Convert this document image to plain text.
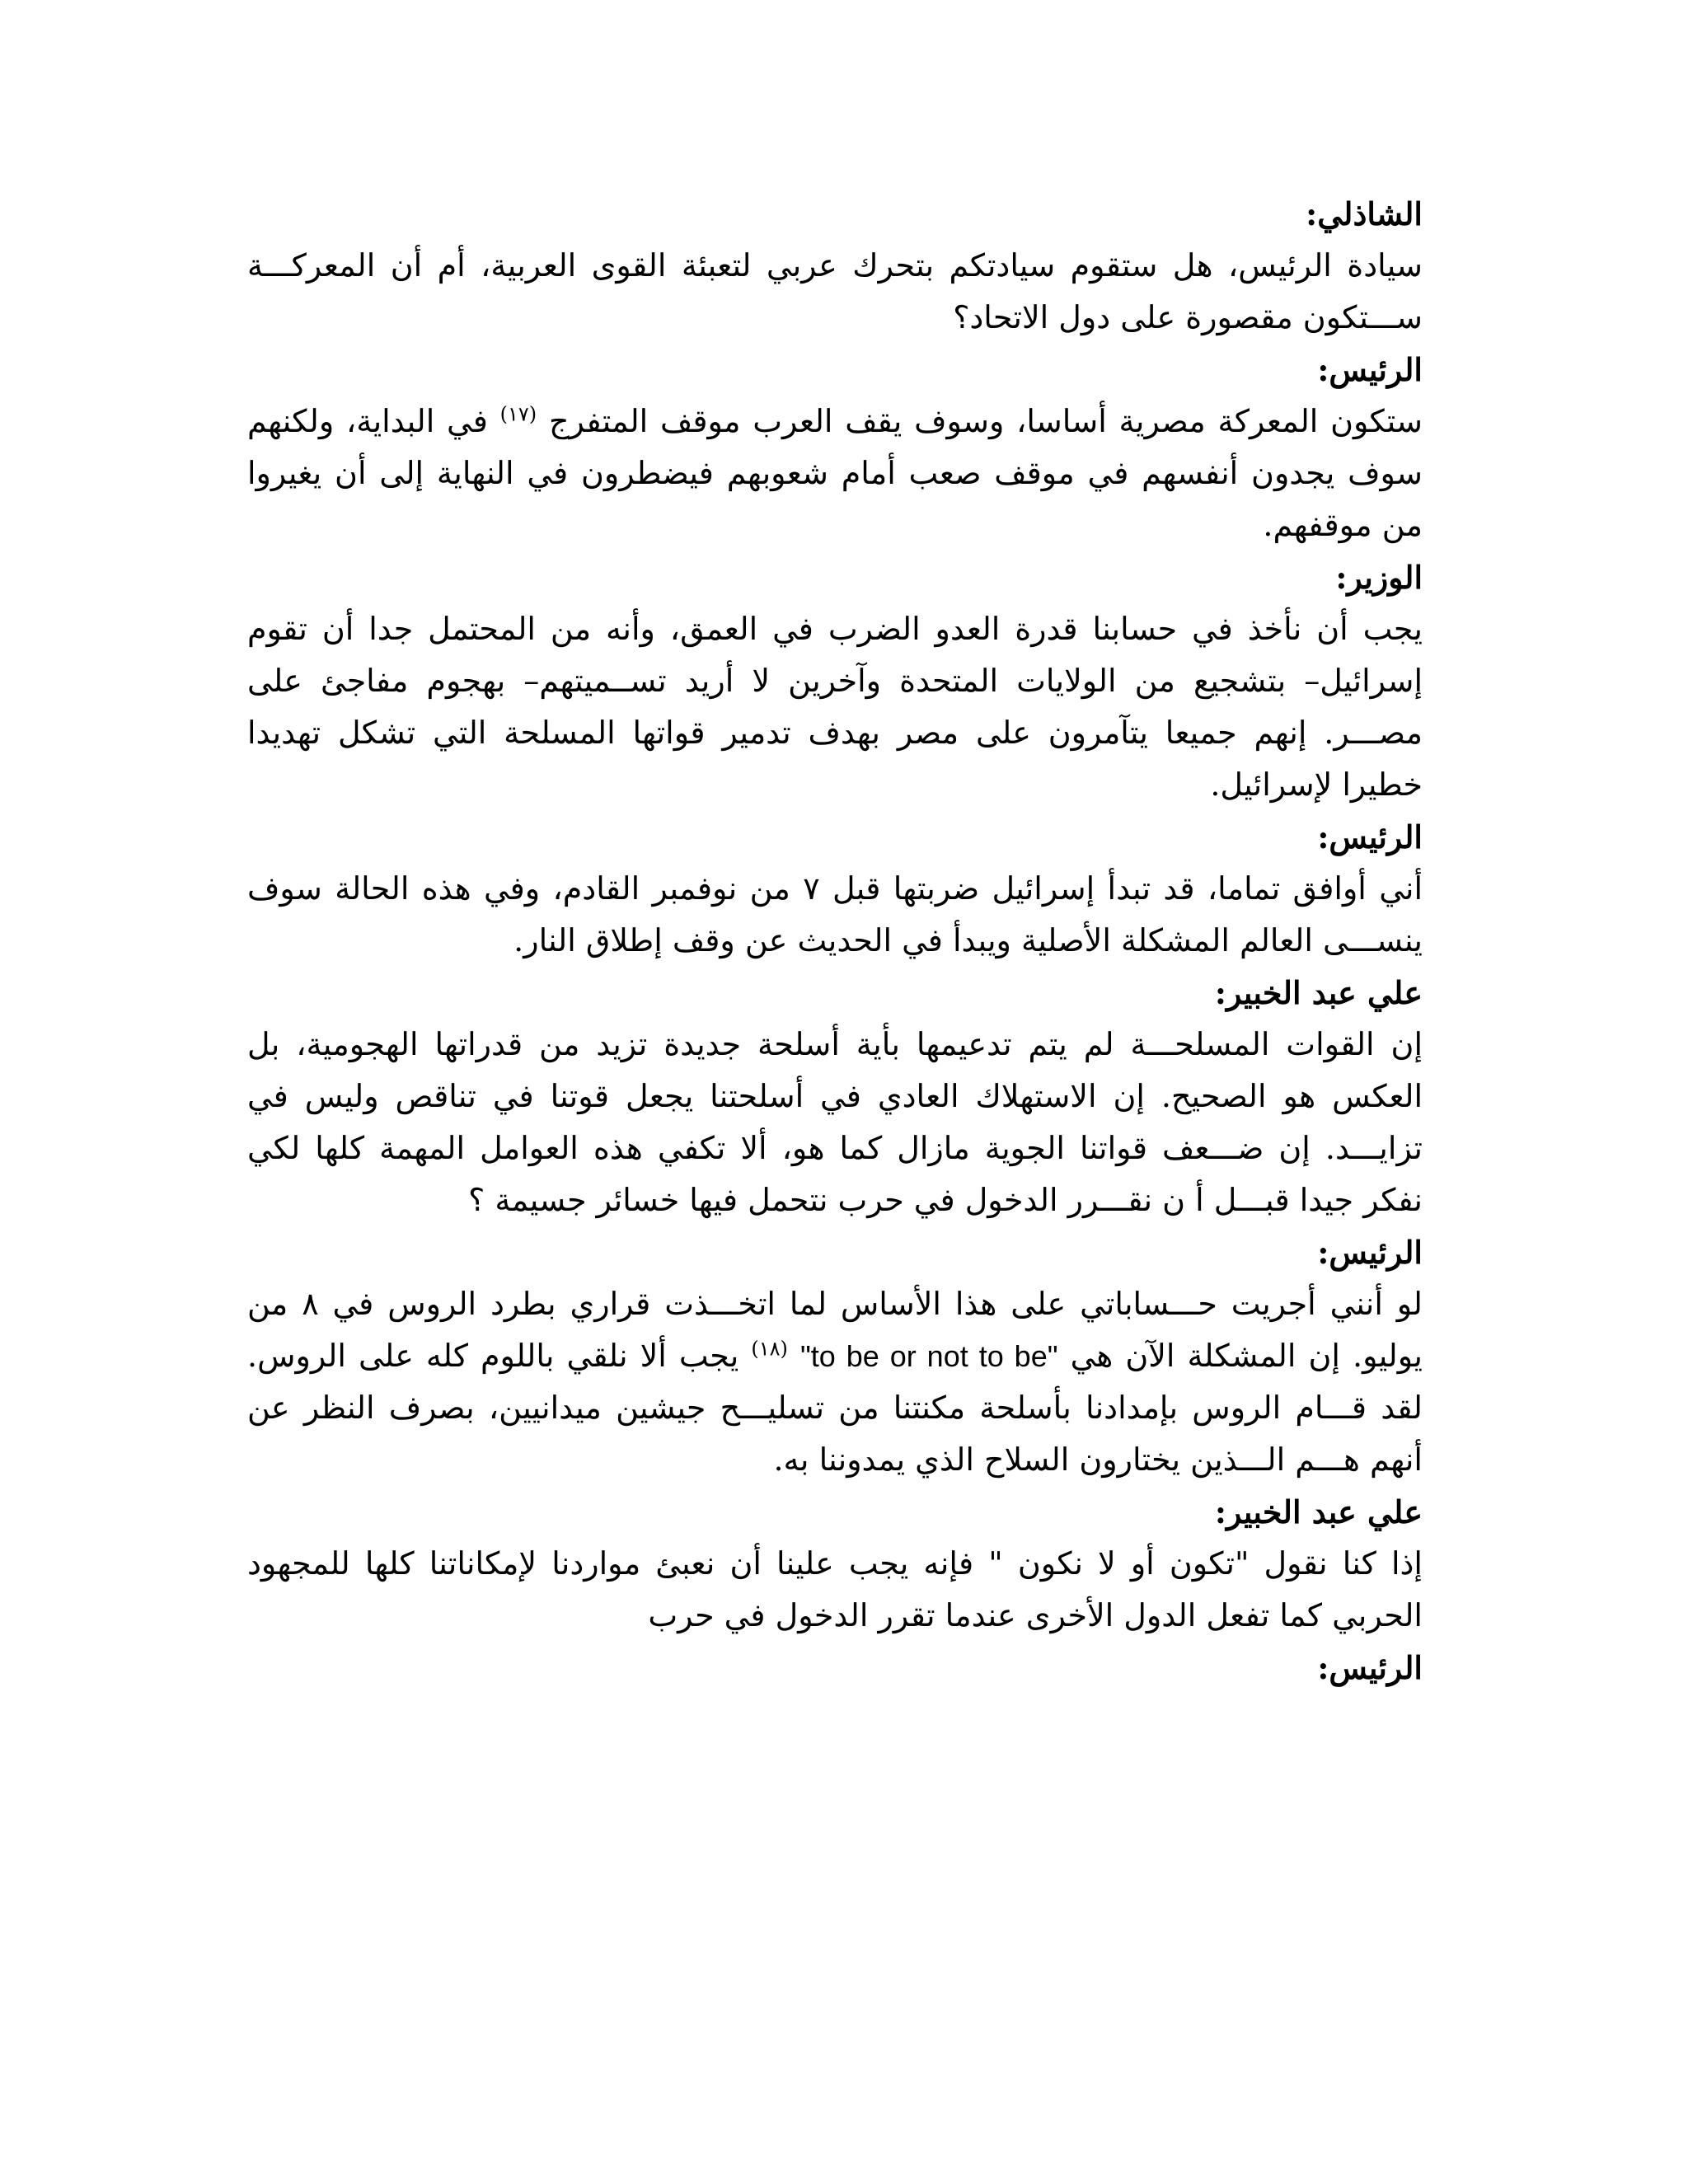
الشاذلي:

سيادة الرئيس، هل ستقوم سيادتكم بتحرك عربي لتعبئة القوى العربية، أم أن المعركـــة ســـتكون مقصورة على دول الاتحاد؟

الرئيس:

ستكون المعركة مصرية أساسا، وسوف يقف العرب موقف المتفرج $^{(١٧)}$ في البداية، ولكنهم سوف يجدون أنفسهم في موقف صعب أمام شعوبهم فيضطرون في النهاية إلى أن يغيروا من موقفهم.

الوزير:

يجب أن نأخذ في حسابنا قدرة العدو الضرب في العمق، وأنه من المحتمل جدا أن تقوم إسرائيل– بتشجيع من الولايات المتحدة وآخرين لا أريد تســميتهم– بهجوم مفاجئ على مصـــر. إنهم جميعا يتآمرون على مصر بهدف تدمير قواتها المسلحة التي تشكل تهديدا خطيرا لإسرائيل.

الرئيس:

أني أوافق تماما، قد تبدأ إسرائيل ضربتها قبل ٧ من نوفمبر القادم، وفي هذه الحالة سوف ينســـى العالم المشكلة الأصلية ويبدأ في الحديث عن وقف إطلاق النار.

علي عبد الخبير:

إن القوات المسلحـــة لم يتم تدعيمها بأية أسلحة جديدة تزيد من قدراتها الهجومية، بل العكس هو الصحيح. إن الاستهلاك العادي في أسلحتنا يجعل قوتنا في تناقص وليس في تزايـــد. إن ضـــعف قواتنا الجوية مازال كما هو، ألا تكفي هذه العوامل المهمة كلها لكي نفكر جيدا قبـــل أ ن نقـــرر الدخول في حرب نتحمل فيها خسائر جسيمة ؟

الرئيس:

لو أنني أجريت حـــساباتي على هذا الأساس لما اتخـــذت قراري بطرد الروس في ٨ من يوليو. إن المشكلة الآن هي "to be or not to be" $^{(١٨)}$ يجب ألا نلقي باللوم كله على الروس. لقد قـــام الروس بإمدادنا بأسلحة مكنتنا من تسليـــح جيشين ميدانيين، بصرف النظر عن أنهم هـــم الـــذين يختارون السلاح الذي يمدوننا به.

علي عبد الخبير:

إذا كنا نقول "تكون أو لا نكون " فإنه يجب علينا أن نعبئ مواردنا لإمكاناتنا كلها للمجهود الحربي كما تفعل الدول الأخرى عندما تقرر الدخول في حرب

الرئيس:
